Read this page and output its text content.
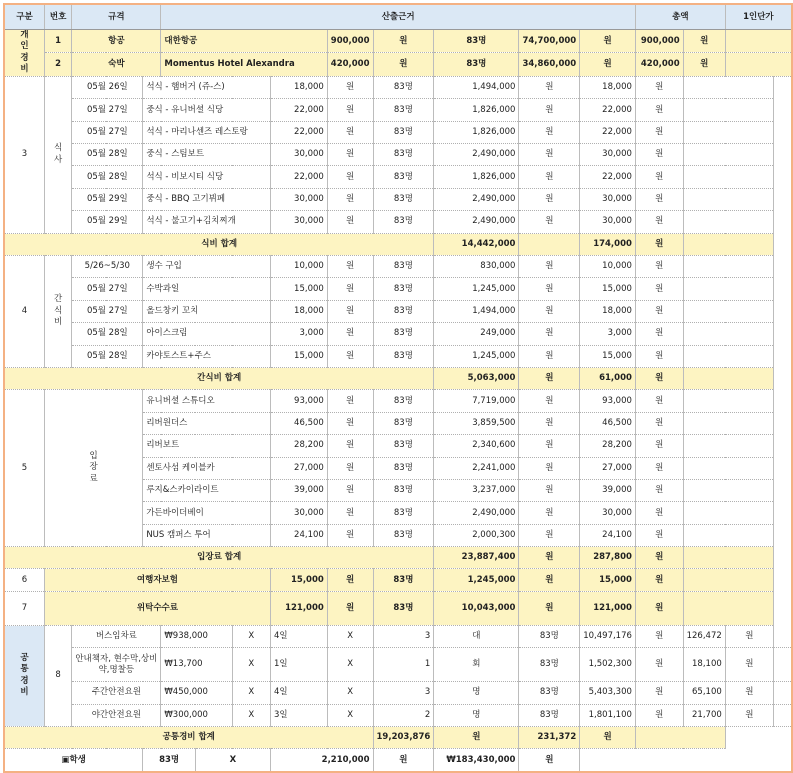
구분	번호	규격		산출근거									총액		1인단가	
개인경비	1	항공		대한항공				900,000	원	83명	74,700,000	원	900,000	원		
	2	숙박		Momentus Hotel Alexandra				420,000	원	83명	34,860,000	원	420,000	원		
3	식사	05월 26일	석식 - 햄버거 (쥬-스)				18,000	원	83명	1,494,000	원	18,000	원			
		05월 27일	중식 - 유니버셜 식당				22,000	원	83명	1,826,000	원	22,000	원			
		05월 27일	석식 - 마리나센즈 레스토랑				22,000	원	83명	1,826,000	원	22,000	원			
		05월 28일	중식 - 스팀보트				30,000	원	83명	2,490,000	원	30,000	원			
		05월 28일	석식 - 비보시티 식당				22,000	원	83명	1,826,000	원	22,000	원			
		05월 29일	중식 - BBQ 고기뷔페				30,000	원	83명	2,490,000	원	30,000	원			
		05월 29일	석식 - 불고기+김치찌개				30,000	원	83명	2,490,000	원	30,000	원			
식비 합계										14,442,000		174,000	원			
4	간식비	5/26~5/30	생수 구입				10,000	원	83명	830,000	원	10,000	원			
		05월 27일	수박과일				15,000	원	83명	1,245,000	원	15,000	원			
		05월 27일	올드창키 꼬치				18,000	원	83명	1,494,000	원	18,000	원			
		05월 28일	아이스크림				3,000	원	83명	249,000	원	3,000	원			
		05월 28일	카야토스트+주스				15,000	원	83명	1,245,000	원	15,000	원			
간식비 합계										5,063,000	원	61,000	원			
5	입장료		유니버셜 스튜디오				93,000	원	83명	7,719,000	원	93,000	원			
			리버원더스				46,500	원	83명	3,859,500	원	46,500	원			
			리버보트				28,200	원	83명	2,340,600	원	28,200	원			
			센토사섬 케이블카				27,000	원	83명	2,241,000	원	27,000	원			
			루지&스카이라이트				39,000	원	83명	3,237,000	원	39,000	원			
			가든바이더베이				30,000	원	83명	2,490,000	원	30,000	원			
			NUS 캠퍼스 투어				24,100	원	83명	2,000,300	원	24,100	원			
입장료 합계										23,887,400	원	287,800	원			
6	여행자보험						15,000	원	83명	1,245,000	원	15,000	원			
7	위탁수수료						121,000	원	83명	10,043,000	원	121,000	원			
공통경비	8	버스임차료		₩938,000		X	4일	X	3	대	83명	10,497,176	원	126,472	원	
		안내책자, 현수막,상비약,명찰등		₩13,700		X	1일	X	1	회	83명	1,502,300	원	18,100	원	
		주간안전요원		₩450,000		X	4일	X	3	명	83명	5,403,300	원	65,100	원	
		야간안전요원		₩300,000		X	3일	X	2	명	83명	1,801,100	원	21,700	원	
공통경비 합계									19,203,876	원	231,372	원				
▣학생			83명		X		2,210,000		원	₩183,430,000	원					
